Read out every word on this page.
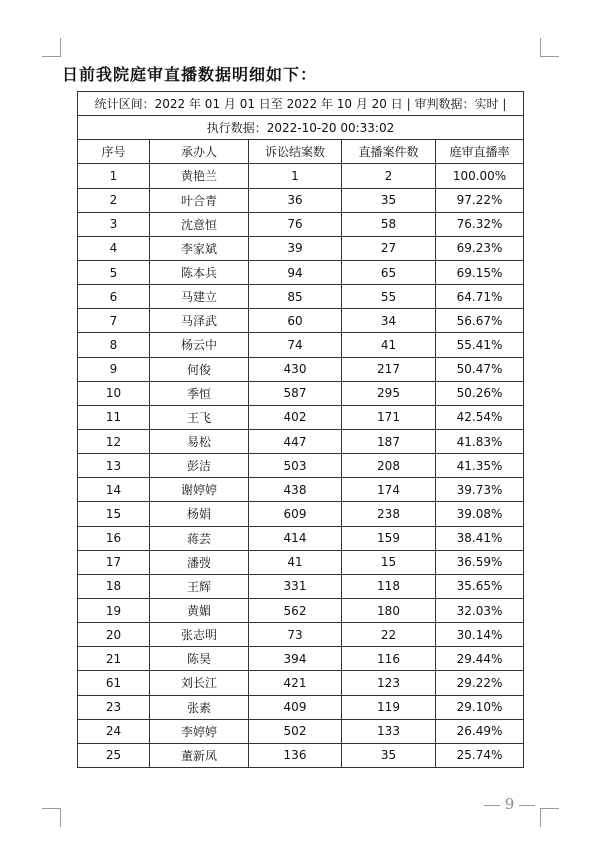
日前我院庭审直播数据明细如下：
统计区间：2022 年 01 月 01 日至 2022 年 10 月 20 日 | 审判数据：实时 |				
执行数据：2022-10-20 00:33:02				
序号	承办人	诉讼结案数	直播案件数	庭审直播率
1	黄艳兰	1	2	100.00%
2	叶合青	36	35	97.22%
3	沈意恒	76	58	76.32%
4	李家斌	39	27	69.23%
5	陈本兵	94	65	69.15%
6	马建立	85	55	64.71%
7	马泽武	60	34	56.67%
8	杨云中	74	41	55.41%
9	何俊	430	217	50.47%
10	季恒	587	295	50.26%
11	王飞	402	171	42.54%
12	易松	447	187	41.83%
13	彭洁	503	208	41.35%
14	谢婷婷	438	174	39.73%
15	杨娟	609	238	39.08%
16	蒋芸	414	159	38.41%
17	潘弢	41	15	36.59%
18	王辉	331	118	35.65%
19	黄媚	562	180	32.03%
20	张志明	73	22	30.14%
21	陈昊	394	116	29.44%
61	刘长江	421	123	29.22%
23	张素	409	119	29.10%
24	李婷婷	502	133	26.49%
25	董新凤	136	35	25.74%
9
